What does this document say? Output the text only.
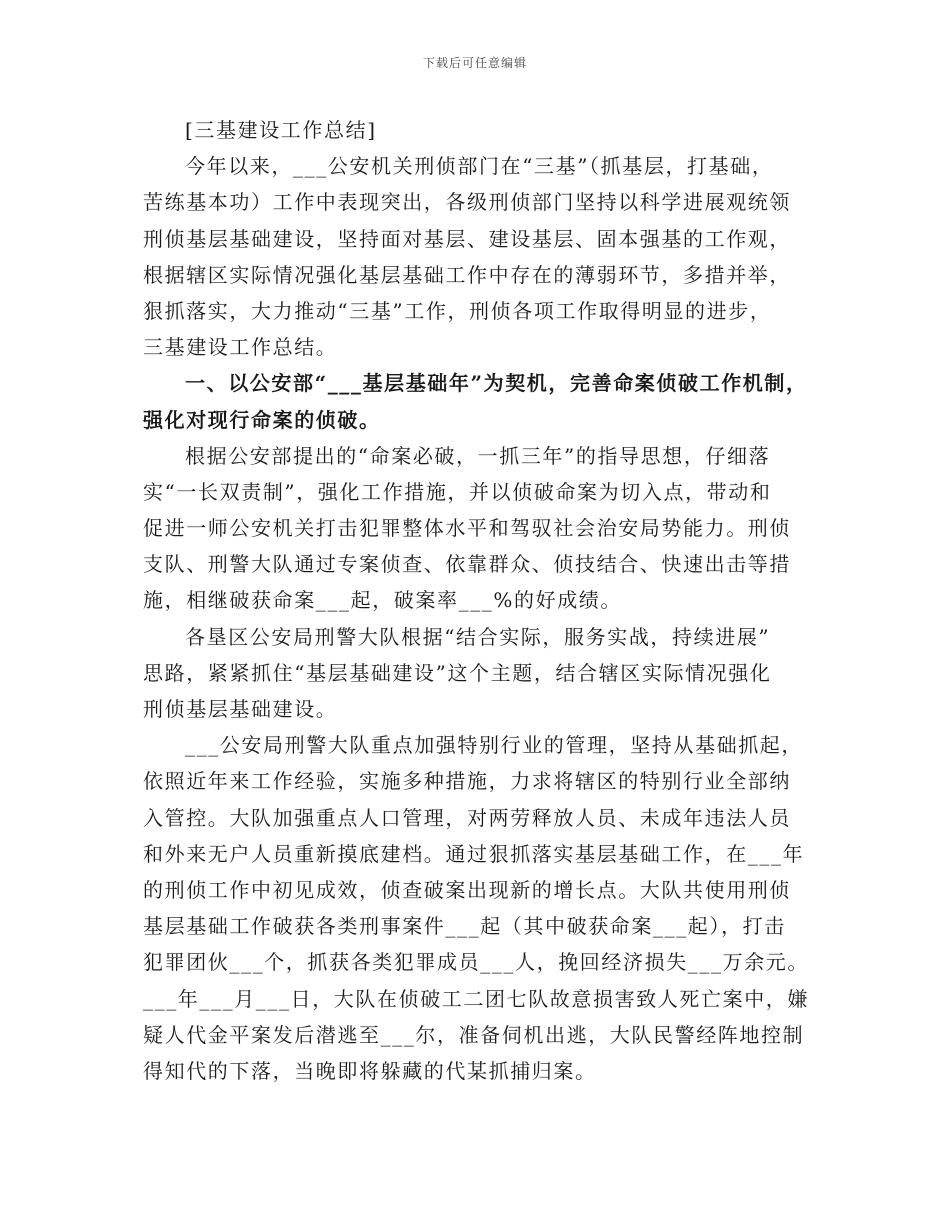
下载后可任意编辑
[三基建设工作总结]
今年以来，___公安机关刑侦部门在“三基”（抓基层，打基础，
苦练基本功）工作中表现突出，各级刑侦部门坚持以科学进展观统领
刑侦基层基础建设，坚持面对基层、建设基层、固本强基的工作观，
根据辖区实际情况强化基层基础工作中存在的薄弱环节，多措并举，
狠抓落实，大力推动“三基”工作，刑侦各项工作取得明显的进步，
三基建设工作总结。
一、以公安部“___基层基础年”为契机，完善命案侦破工作机制，
强化对现行命案的侦破。
根据公安部提出的“命案必破，一抓三年”的指导思想，仔细落
实“一长双责制”，强化工作措施，并以侦破命案为切入点，带动和
促进一师公安机关打击犯罪整体水平和驾驭社会治安局势能力。刑侦
支队、刑警大队通过专案侦查、依靠群众、侦技结合、快速出击等措
施，相继破获命案___起，破案率___%的好成绩。
各垦区公安局刑警大队根据“结合实际，服务实战，持续进展”
思路，紧紧抓住“基层基础建设”这个主题，结合辖区实际情况强化
刑侦基层基础建设。
___公安局刑警大队重点加强特别行业的管理，坚持从基础抓起，
依照近年来工作经验，实施多种措施，力求将辖区的特别行业全部纳
入管控。大队加强重点人口管理，对两劳释放人员、未成年违法人员
和外来无户人员重新摸底建档。通过狠抓落实基层基础工作，在___年
的刑侦工作中初见成效，侦查破案出现新的增长点。大队共使用刑侦
基层基础工作破获各类刑事案件___起（其中破获命案___起），打击
犯罪团伙___个，抓获各类犯罪成员___人，挽回经济损失___万余元。
___年___月___日，大队在侦破工二团七队故意损害致人死亡案中，嫌
疑人代金平案发后潜逃至___尔，准备伺机出逃，大队民警经阵地控制
得知代的下落，当晚即将躲藏的代某抓捕归案。
